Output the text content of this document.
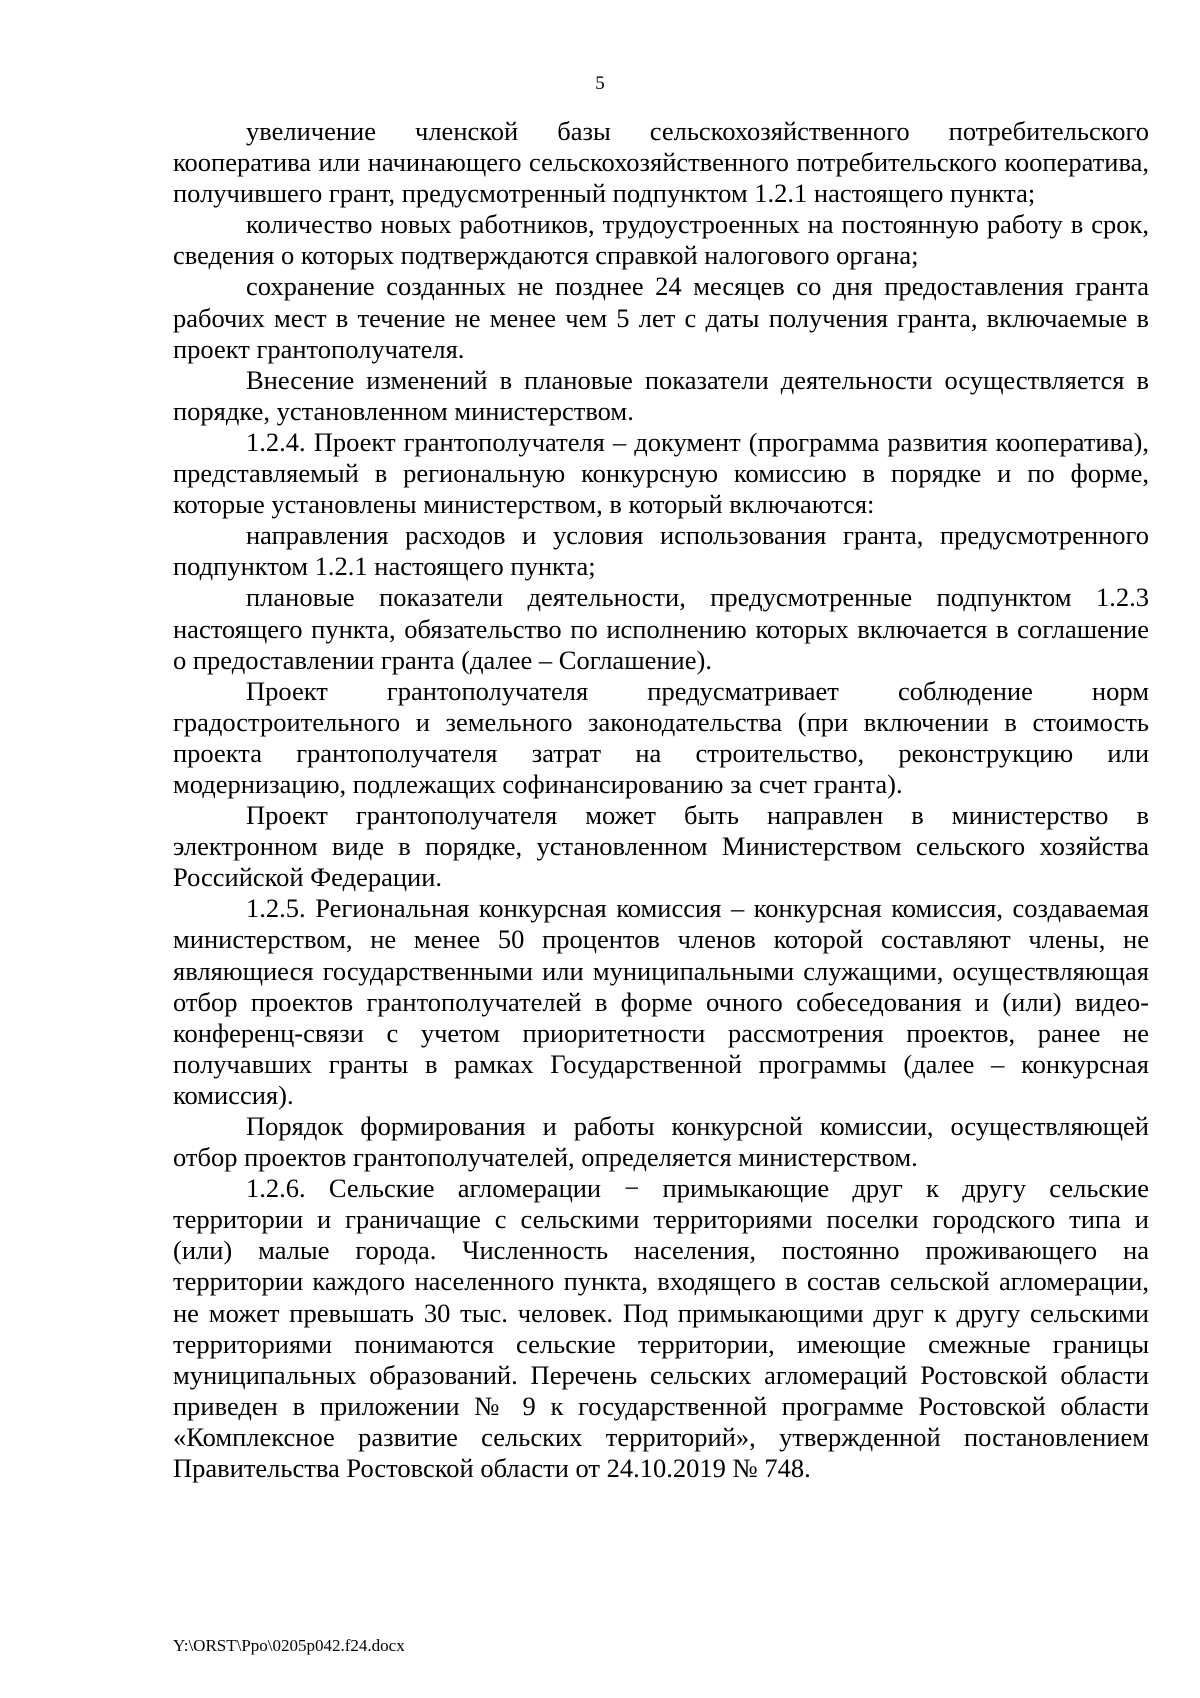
5

увеличение членской базы сельскохозяйственного потребительского кооператива или начинающего сельскохозяйственного потребительского кооператива, получившего грант, предусмотренный подпунктом 1.2.1 настоящего пункта;

количество новых работников, трудоустроенных на постоянную работу в срок, сведения о которых подтверждаются справкой налогового органа;

сохранение созданных не позднее 24 месяцев со дня предоставления гранта рабочих мест в течение не менее чем 5 лет с даты получения гранта, включаемые в проект грантополучателя.

Внесение изменений в плановые показатели деятельности осуществляется в порядке, установленном министерством.

1.2.4. Проект грантополучателя – документ (программа развития кооператива), представляемый в региональную конкурсную комиссию в порядке и по форме, которые установлены министерством, в который включаются:

направления расходов и условия использования гранта, предусмотренного подпунктом 1.2.1 настоящего пункта;

плановые показатели деятельности, предусмотренные подпунктом 1.2.3 настоящего пункта, обязательство по исполнению которых включается в соглашение о предоставлении гранта (далее – Соглашение).

Проект грантополучателя предусматривает соблюдение норм градостроительного и земельного законодательства (при включении в стоимость проекта грантополучателя затрат на строительство, реконструкцию или модернизацию, подлежащих софинансированию за счет гранта).

Проект грантополучателя может быть направлен в министерство в электронном виде в порядке, установленном Министерством сельского хозяйства Российской Федерации.

1.2.5. Региональная конкурсная комиссия – конкурсная комиссия, создаваемая министерством, не менее 50 процентов членов которой составляют члены, не являющиеся государственными или муниципальными служащими, осуществляющая отбор проектов грантополучателей в форме очного собеседования и (или) видео-конференц-связи с учетом приоритетности рассмотрения проектов, ранее не получавших гранты в рамках Государственной программы (далее – конкурсная комиссия).

Порядок формирования и работы конкурсной комиссии, осуществляющей отбор проектов грантополучателей, определяется министерством.

1.2.6. Сельские агломерации − примыкающие друг к другу сельские территории и граничащие с сельскими территориями поселки городского типа и (или) малые города. Численность населения, постоянно проживающего на территории каждого населенного пункта, входящего в состав сельской агломерации, не может превышать 30 тыс. человек. Под примыкающими друг к другу сельскими территориями понимаются сельские территории, имеющие смежные границы муниципальных образований. Перечень сельских агломераций Ростовской области приведен в приложении № 9 к государственной программе Ростовской области «Комплексное развитие сельских территорий», утвержденной постановлением Правительства Ростовской области от 24.10.2019 № 748.

Y:\ORST\Ppo\0205p042.f24.docx
